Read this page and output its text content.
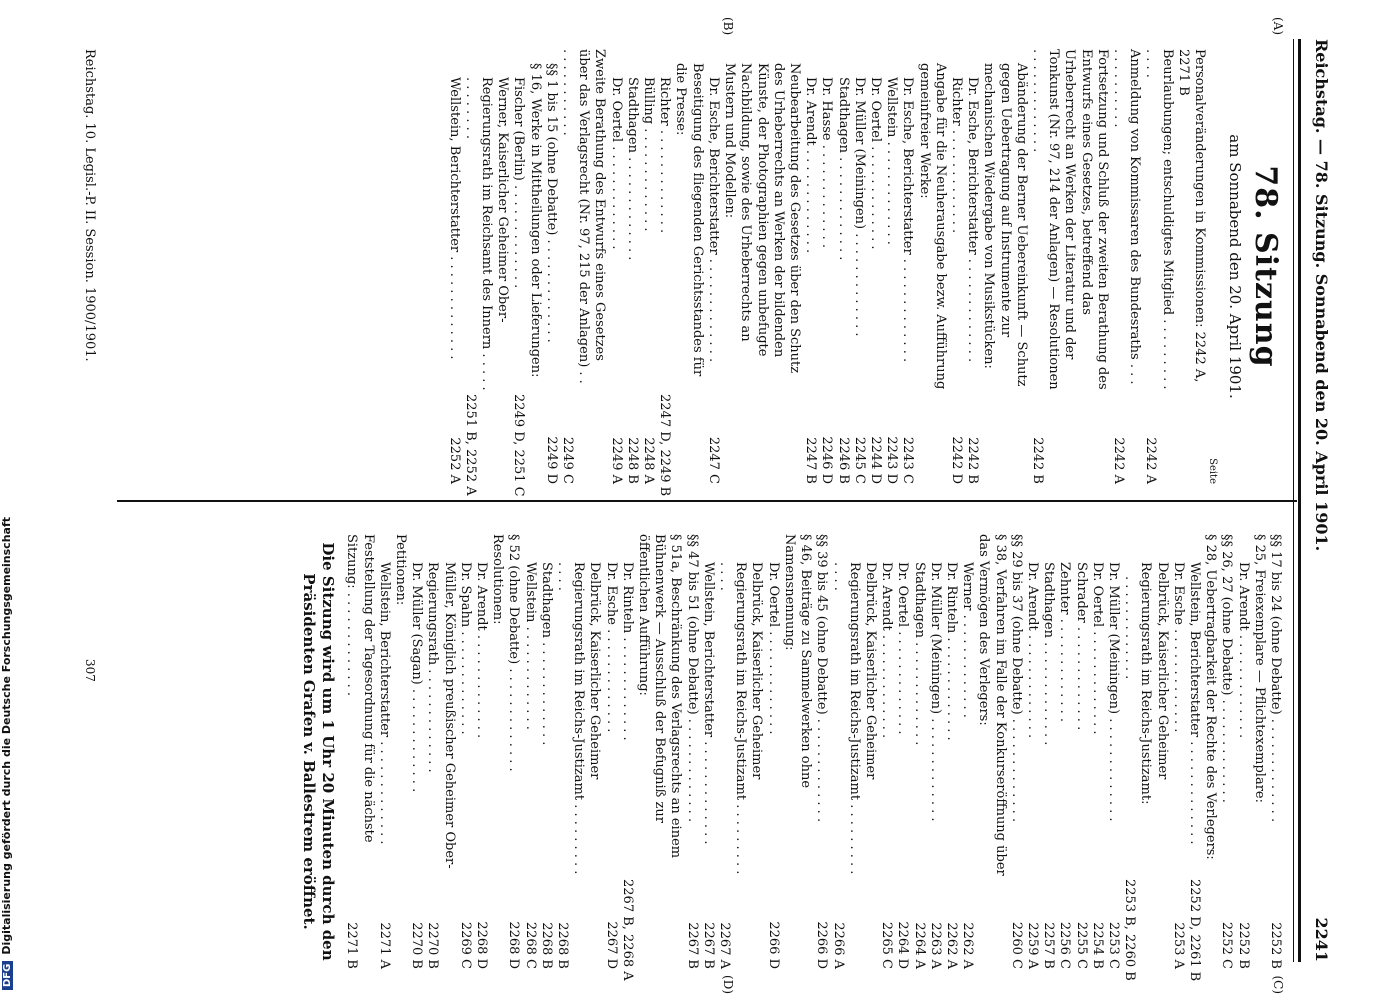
DFGDigitalisierung gefördert durch die Deutsche Forschungsgemeinschaft
Reichstag. — 78. Sitzung. Sonnabend den 20. April 1901.
2241
(A)
(B)
(C)
(D)
78. Sitzung
am Sonnabend den 20. April 1901.
Seite
Personalveränderungen in Kommissionen: 2242 A, 2271 B
Beurlaubungen; entschuldigtes Mitglied . . .
2242 A
Anmeldung von Kommissaren des Bundesraths . . .
2242 A
Fortsetzung und Schluß der zweiten Berathung des Entwurfs eines Gesetzes, betreffend das Urheberrecht an Werken der Literatur und der Tonkunst (Nr. 97, 214 der Anlagen) — Resolutionen . . .
2242 B
Abänderung der Berner Uebereinkunft — Schutz gegen Uebertragung auf Instrumente zur mechanischen Wiedergabe von Musikstücken:
Dr. Esche, Berichterstatter . . .
2242 B
Richter . . .
2242 D
Angabe für die Neuherausgabe bezw. Aufführung gemeinfreier Werke:
Dr. Esche, Berichterstatter . . .
2243 C
Wellstein . . .
2243 D
Dr. Oertel . . .
2244 D
Dr. Müller (Meiningen) . . .
2245 C
Stadthagen . . .
2246 B
Dr. Hasse . . .
2246 D
Dr. Arendt . . .
2247 B
Neubearbeitung des Gesetzes über den Schutz des Urheberrechts an Werken der bildenden Künste, der Photographien gegen unbefugte Nachbildung, sowie des Urheberrechts an Mustern und Modellen:
Dr. Esche, Berichterstatter . . .
2247 C
Beseitigung des fliegenden Gerichtsstandes für die Presse:
Richter . . .
2247 D, 2249 B
Bülling . . .
2248 A
Stadthagen . . .
2248 B
Dr. Oertel . . .
2249 A
Zweite Berathung des Entwurfs eines Gesetzes über das Verlagsrecht (Nr. 97, 215 der Anlagen) . . .
2249 C
§§ 1 bis 15 (ohne Debatte) . . .
2249 D
§ 16, Werke in Mittheilungen oder Lieferungen:
Fischer (Berlin) . . .
2249 D, 2251 C
Werner, Kaiserlicher Geheimer Ober-Regierungsrath im Reichsamt des Innern . . .
2251 B, 2252 A
Wellstein, Berichterstatter . . .
2252 A
§§ 17 bis 24 (ohne Debatte) . . .
2252 B
§ 25, Freiexemplare — Pflichtexemplare:
Dr. Arendt . . .
2252 B
§§ 26, 27 (ohne Debatte) . . .
2252 C
§ 28, Uebertragbarkeit der Rechte des Verlegers:
Wellstein, Berichterstatter . . .
2252 D, 2261 B
Dr. Esche . . .
2253 A
Delbrück, Kaiserlicher Geheimer Regierungsrath im Reichs-Justizamt:
. . .
2253 B, 2260 B
Dr. Müller (Meiningen) . . .
2253 C
Dr. Oertel . . .
2254 B
Schrader . . .
2255 C
Zehnter . . .
2256 C
Stadthagen . . .
2257 B
Dr. Arendt . . .
2259 A
§§ 29 bis 37 (ohne Debatte) . . .
2260 C
§ 38, Verfahren im Falle der Konkurseröffnung über das Vermögen des Verlegers:
Werner . . .
2262 A
Dr. Rinteln . . .
2262 A
Dr. Müller (Meiningen) . . .
2263 A
Stadthagen . . .
2264 A
Dr. Oertel . . .
2264 D
Dr. Arendt . . .
2265 C
Delbrück, Kaiserlicher Geheimer Regierungsrath im Reichs-Justizamt . . .
2266 A
§§ 39 bis 45 (ohne Debatte) . . .
2266 D
§ 46, Beiträge zu Sammelwerken ohne Namensnennung:
Dr. Oertel . . .
2266 D
Delbrück, Kaiserlicher Geheimer Regierungsrath im Reichs-Justizamt . . .
2267 A
Wellstein, Berichterstatter . . .
2267 B
§§ 47 bis 51 (ohne Debatte) . . .
2267 B
§ 51a, Beschränkung des Verlagsrechts an einem Bühnenwerk — Ausschluß der Befugniß zur öffentlichen Aufführung:
Dr. Rinteln . . .
2267 B, 2268 A
Dr. Esche . . .
2267 D
Delbrück, Kaiserlicher Geheimer Regierungsrath im Reichs-Justizamt . . .
2268 B
Stadthagen . . .
2268 B
Wellstein . . .
2268 C
§ 52 (ohne Debatte) . . .
2268 D
Resolutionen:
Dr. Arendt . . .
2268 D
Dr. Spahn . . .
2269 C
Müller, Königlich preußischer Geheimer Ober-Regierungsrath . . .
2270 B
Dr. Müller (Sagan) . . .
2270 B
Petitionen:
Wellstein, Berichterstatter . . .
2271 A
Feststellung der Tagesordnung für die nächste Sitzung: . . .
2271 B
Die Sitzung wird um 1 Uhr 20 Minuten durch den Präsidenten Grafen v. Ballestrem eröffnet.
Reichstag. 10. Legisl.-P. II. Session. 1900/1901.
307
